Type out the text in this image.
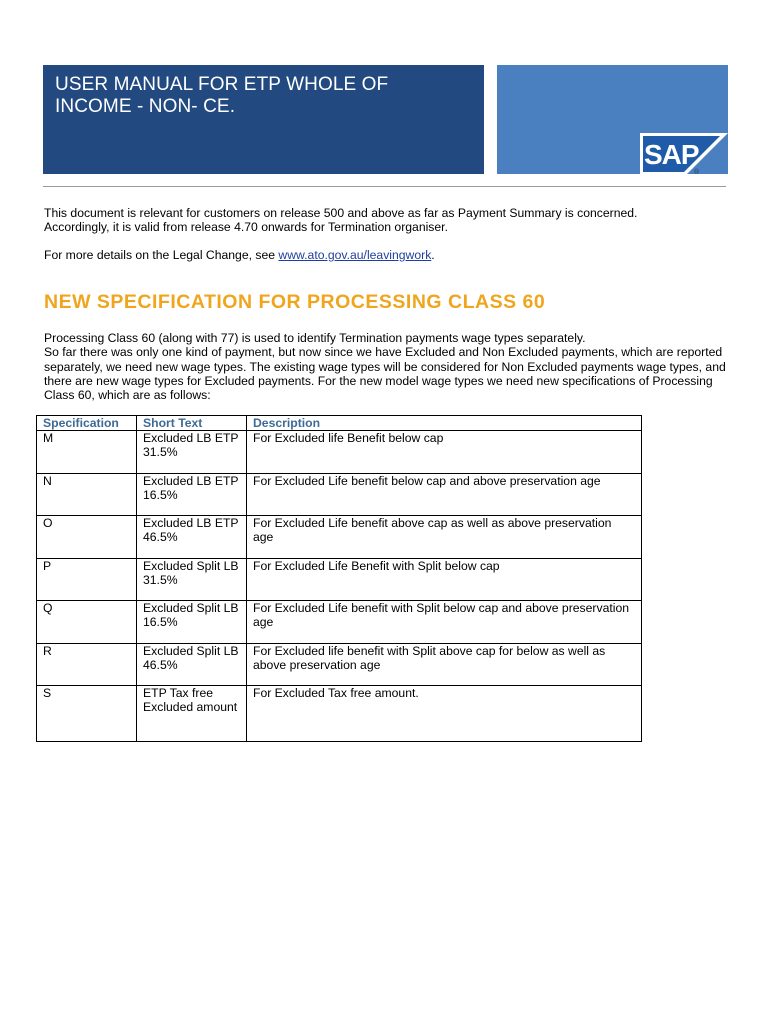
USER MANUAL FOR ETP WHOLE OF INCOME - NON- CE.
SAP
®
This document is relevant for customers on release 500 and above as far as Payment Summary is concerned.
Accordingly, it is valid from release 4.70 onwards for Termination organiser.
For more details on the Legal Change, see www.ato.gov.au/leavingwork.
NEW SPECIFICATION FOR PROCESSING CLASS 60
Processing Class 60 (along with 77) is used to identify Termination payments wage types separately.
So far there was only one kind of payment, but now since we have Excluded and Non Excluded payments, which are reported separately, we need new wage types. The existing wage types will be considered for Non Excluded payments wage types, and there are new wage types for Excluded payments. For the new model wage types we need new specifications of Processing Class 60, which are as follows:
Specification	Short Text	Description
M	Excluded LB ETP 31.5%	For Excluded life Benefit below cap
N	Excluded LB ETP 16.5%	For Excluded Life benefit below cap and above preservation age
O	Excluded LB ETP 46.5%	For Excluded Life benefit above cap as well as above preservation age
P	Excluded Split LB 31.5%	For Excluded Life Benefit with Split below cap
Q	Excluded Split LB 16.5%	For Excluded Life benefit with Split below cap and above preservation age
R	Excluded Split LB 46.5%	For Excluded life benefit with Split above cap for below as well as above preservation age
S	ETP Tax free Excluded amount	For Excluded Tax free amount.
